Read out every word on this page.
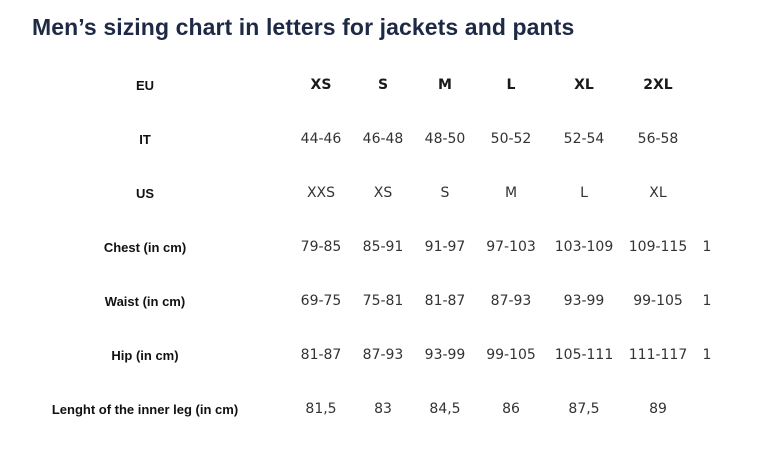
Men’s sizing chart in letters for jackets and pants
EU	XS	S	M	L	XL	2XL	
IT	44-46	46-48	48-50	50-52	52-54	56-58	
US	XXS	XS	S	M	L	XL	
Chest (in cm)	79-85	85-91	91-97	97-103	103-109	109-115	1
Waist (in cm)	69-75	75-81	81-87	87-93	93-99	99-105	1
Hip (in cm)	81-87	87-93	93-99	99-105	105-111	111-117	1
Lenght of the inner leg (in cm)	81,5	83	84,5	86	87,5	89	
